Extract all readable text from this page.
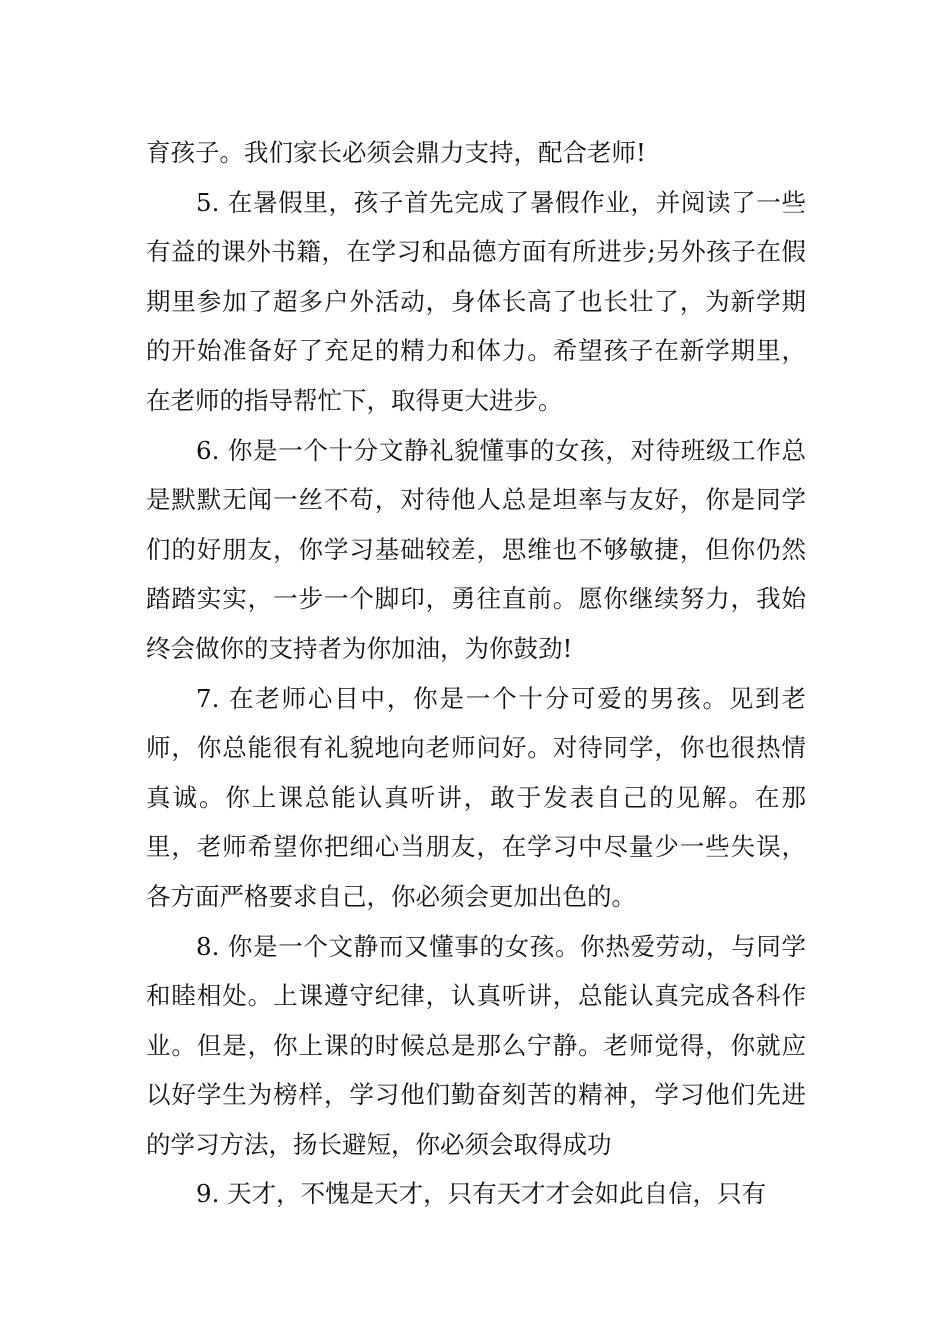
育孩子。我们家长必须会鼎力支持，配合老师!

5. 在暑假里，孩子首先完成了暑假作业，并阅读了一些有益的课外书籍，在学习和品德方面有所进步;另外孩子在假期里参加了超多户外活动，身体长高了也长壮了，为新学期的开始准备好了充足的精力和体力。希望孩子在新学期里，在老师的指导帮忙下，取得更大进步。

6. 你是一个十分文静礼貌懂事的女孩，对待班级工作总是默默无闻一丝不苟，对待他人总是坦率与友好，你是同学们的好朋友，你学习基础较差，思维也不够敏捷，但你仍然踏踏实实，一步一个脚印，勇往直前。愿你继续努力，我始终会做你的支持者为你加油，为你鼓劲!

7. 在老师心目中，你是一个十分可爱的男孩。见到老师，你总能很有礼貌地向老师问好。对待同学，你也很热情真诚。你上课总能认真听讲，敢于发表自己的见解。在那里，老师希望你把细心当朋友，在学习中尽量少一些失误，各方面严格要求自己，你必须会更加出色的。

8. 你是一个文静而又懂事的女孩。你热爱劳动，与同学和睦相处。上课遵守纪律，认真听讲，总能认真完成各科作业。但是，你上课的时候总是那么宁静。老师觉得，你就应以好学生为榜样，学习他们勤奋刻苦的精神，学习他们先进的学习方法，扬长避短，你必须会取得成功

9. 天才，不愧是天才，只有天才才会如此自信，只有
